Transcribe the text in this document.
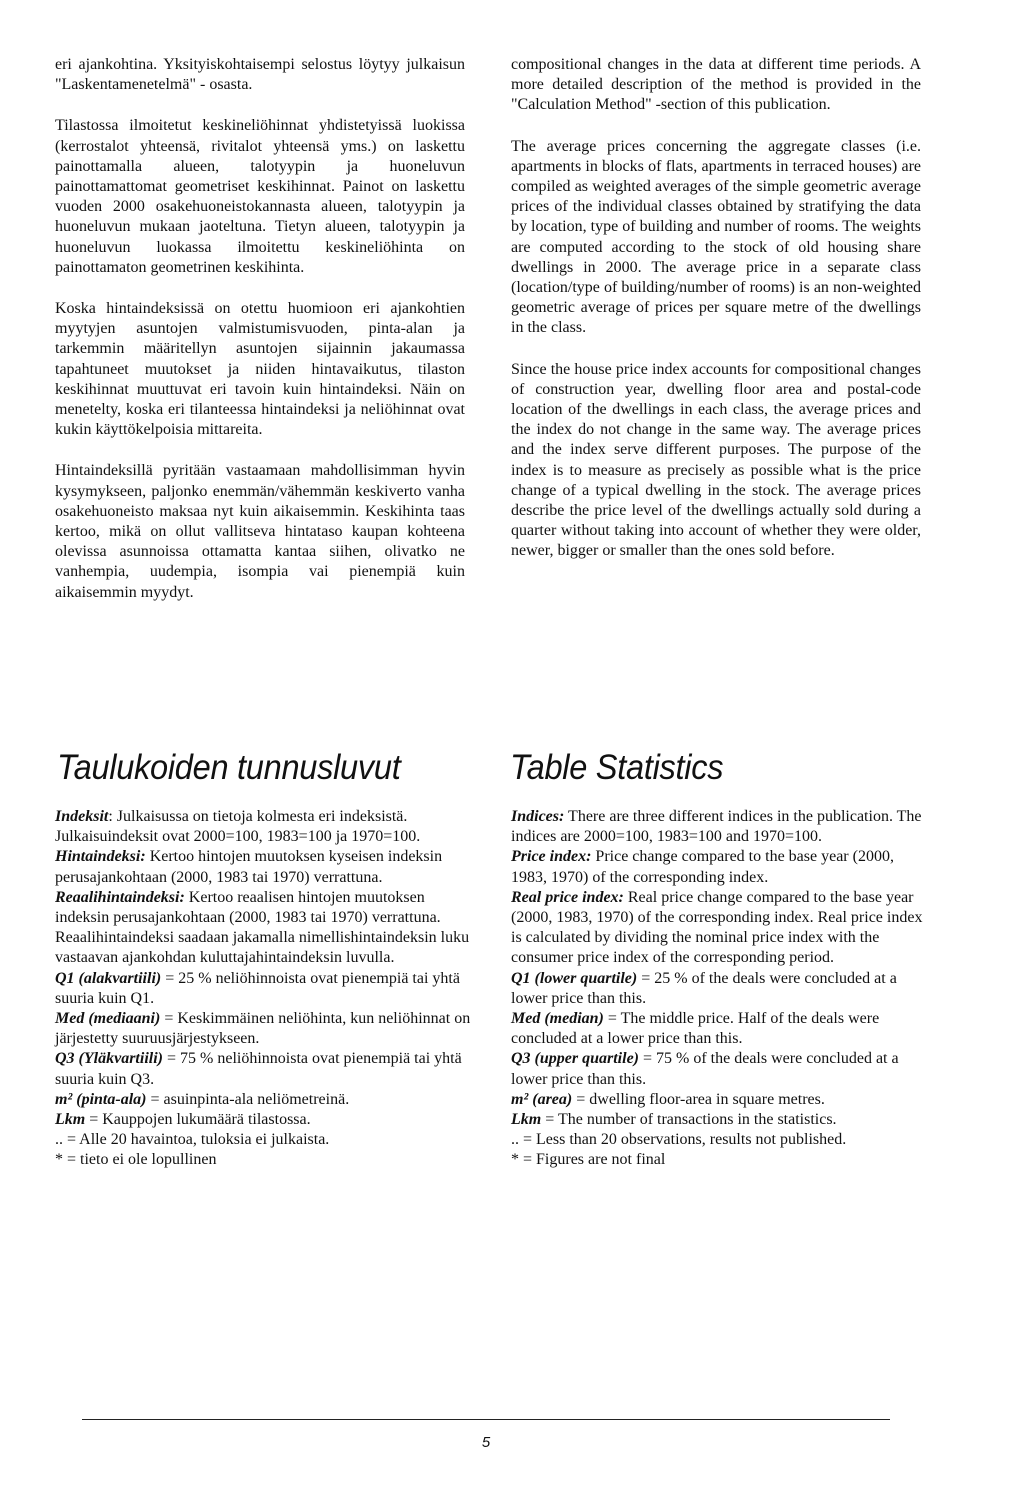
eri ajankohtina. Yksityiskohtaisempi selostus löytyy julkaisun "Laskentamenetelmä" - osasta.

Tilastossa ilmoitetut keskineliöhinnat yhdistetyissä luokissa (kerrostalot yhteensä, rivitalot yhteensä yms.) on laskettu painottamalla alueen, talotyypin ja huoneluvun painottamattomat geometriset keskihinnat. Painot on laskettu vuoden 2000 osakehuoneistokannasta alueen, talotyypin ja huoneluvun mukaan jaoteltuna. Tietyn alueen, talotyypin ja huoneluvun luokassa ilmoitettu keskineliöhinta on painottamaton geometrinen keskihinta.

Koska hintaindeksissä on otettu huomioon eri ajankohtien myytyjen asuntojen valmistumisvuoden, pinta-alan ja tarkemmin määritellyn asuntojen sijainnin jakaumassa tapahtuneet muutokset ja niiden hintavaikutus, tilaston keskihinnat muuttuvat eri tavoin kuin hintaindeksi. Näin on menetelty, koska eri tilanteessa hintaindeksi ja neliöhinnat ovat kukin käyttökelpoisia mittareita.

Hintaindeksillä pyritään vastaamaan mahdollisimman hyvin kysymykseen, paljonko enemmän/vähemmän keskiverto vanha osakehuoneisto maksaa nyt kuin aikaisemmin. Keskihinta taas kertoo, mikä on ollut vallitseva hintataso kaupan kohteena olevissa asunnoissa ottamatta kantaa siihen, olivatko ne vanhempia, uudempia, isompia vai pienempiä kuin aikaisemmin myydyt.

compositional changes in the data at different time periods. A more detailed description of the method is provided in the "Calculation Method" -section of this publication.

The average prices concerning the aggregate classes (i.e. apartments in blocks of flats, apartments in terraced houses) are compiled as weighted averages of the simple geometric average prices of the individual classes obtained by stratifying the data by location, type of building and number of rooms. The weights are computed according to the stock of old housing share dwellings in 2000. The average price in a separate class (location/type of building/number of rooms) is an non-weighted geometric average of prices per square metre of the dwellings in the class.

Since the house price index accounts for compositional changes of construction year, dwelling floor area and postal-code location of the dwellings in each class, the average prices and the index do not change in the same way. The average prices and the index serve different purposes. The purpose of the index is to measure as precisely as possible what is the price change of a typical dwelling in the stock. The average prices describe the price level of the dwellings actually sold during a quarter without taking into account of whether they were older, newer, bigger or smaller than the ones sold before.

Taulukoiden tunnusluvut	Table Statistics

Indeksit: Julkaisussa on tietoja kolmesta eri indeksistä. Julkaisuindeksit ovat 2000=100, 1983=100 ja 1970=100.

Hintaindeksi: Kertoo hintojen muutoksen kyseisen indeksin perusajankohtaan (2000, 1983 tai 1970) verrattuna.

Reaalihintaindeksi: Kertoo reaalisen hintojen muutoksen indeksin perusajankohtaan (2000, 1983 tai 1970) verrattuna. Reaalihintaindeksi saadaan jakamalla nimellishintaindeksin luku vastaavan ajankohdan kuluttajahintaindeksin luvulla.

Q1 (alakvartiili) = 25 % neliöhinnoista ovat pienempiä tai yhtä suuria kuin Q1.

Med (mediaani) = Keskimmäinen neliöhinta, kun neliöhinnat on järjestetty suuruusjärjestykseen.

Q3 (Yläkvartiili) = 75 % neliöhinnoista ovat pienempiä tai yhtä suuria kuin Q3.

m² (pinta-ala) = asuinpinta-ala neliömetreinä.

Lkm = Kauppojen lukumäärä tilastossa.

.. = Alle 20 havaintoa, tuloksia ei julkaista.

* = tieto ei ole lopullinen

Indices: There are three different indices in the publication. The indices are 2000=100, 1983=100 and 1970=100.

Price index: Price change compared to the base year (2000, 1983, 1970) of the corresponding index.

Real price index: Real price change compared to the base year (2000, 1983, 1970) of the corresponding index. Real price index is calculated by dividing the nominal price index with the consumer price index of the corresponding period.

Q1 (lower quartile) = 25 % of the deals were concluded at a lower price than this.

Med (median) = The middle price. Half of the deals were concluded at a lower price than this.

Q3 (upper quartile) = 75 % of the deals were concluded at a lower price than this.

m² (area) = dwelling floor-area in square metres.

Lkm = The number of transactions in the statistics.

.. = Less than 20 observations, results not published.

* = Figures are not final

5
